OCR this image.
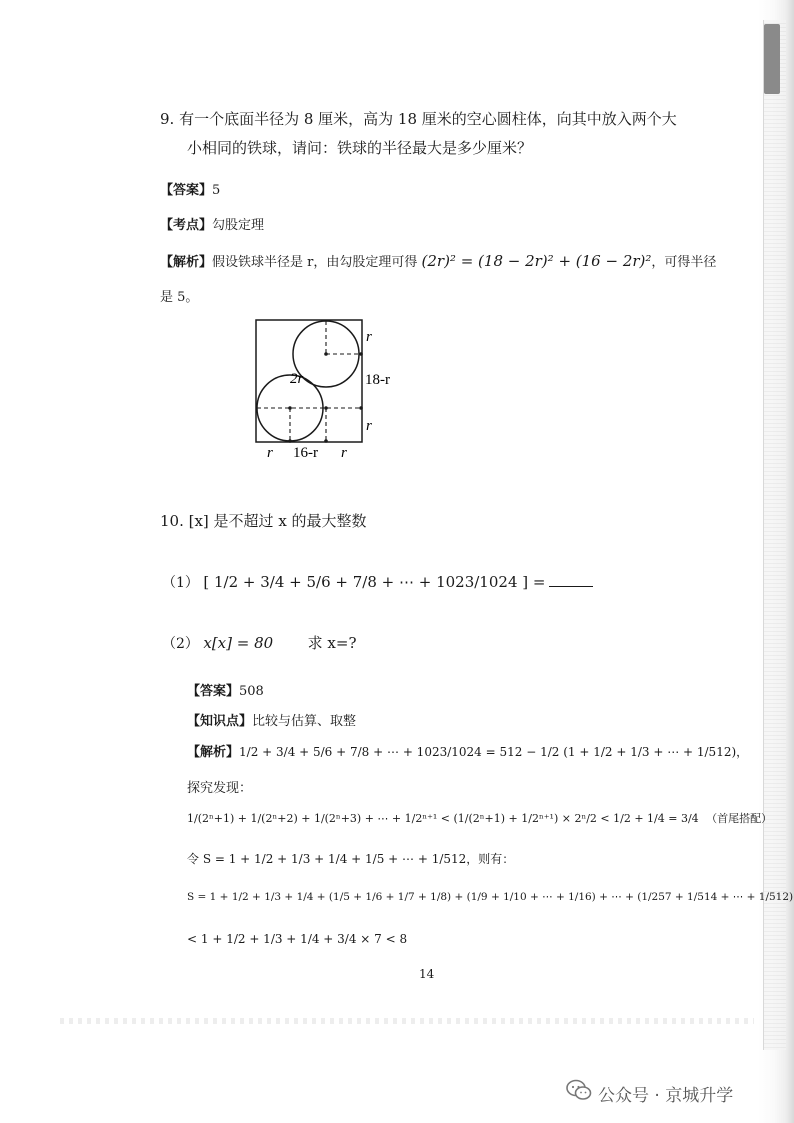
9. 有一个底面半径为 8 厘米，高为 18 厘米的空心圆柱体，向其中放入两个大
小相同的铁球，请问：铁球的半径最大是多少厘米？
【答案】5
【考点】勾股定理
【解析】假设铁球半径是 r，由勾股定理可得 (2r)² = (18 − 2r)² + (16 − 2r)²，可得半径
是 5。
r
2r	18-r
r
r 16-r r
10. [x] 是不超过 x 的最大整数
（1） [ 1/2 + 3/4 + 5/6 + 7/8 + ⋯ + 1023/1024 ] =
（2） x[x] = 80 求 x=?
【答案】508
【知识点】比较与估算、取整
【解析】1/2 + 3/4 + 5/6 + 7/8 + ⋯ + 1023/1024 = 512 − 1/2 (1 + 1/2 + 1/3 + ⋯ + 1/512)，
探究发现：
1/(2ⁿ+1) + 1/(2ⁿ+2) + 1/(2ⁿ+3) + ⋯ + 1/2ⁿ⁺¹ < (1/(2ⁿ+1) + 1/2ⁿ⁺¹) × 2ⁿ/2 < 1/2 + 1/4 = 3/4 （首尾搭配）
令 S = 1 + 1/2 + 1/3 + 1/4 + 1/5 + ⋯ + 1/512，则有：
S = 1 + 1/2 + 1/3 + 1/4 + (1/5 + 1/6 + 1/7 + 1/8) + (1/9 + 1/10 + ⋯ + 1/16) + ⋯ + (1/257 + 1/514 + ⋯ + 1/512)
< 1 + 1/2 + 1/3 + 1/4 + 3/4 × 7 < 8
14
公众号 · 京城升学
